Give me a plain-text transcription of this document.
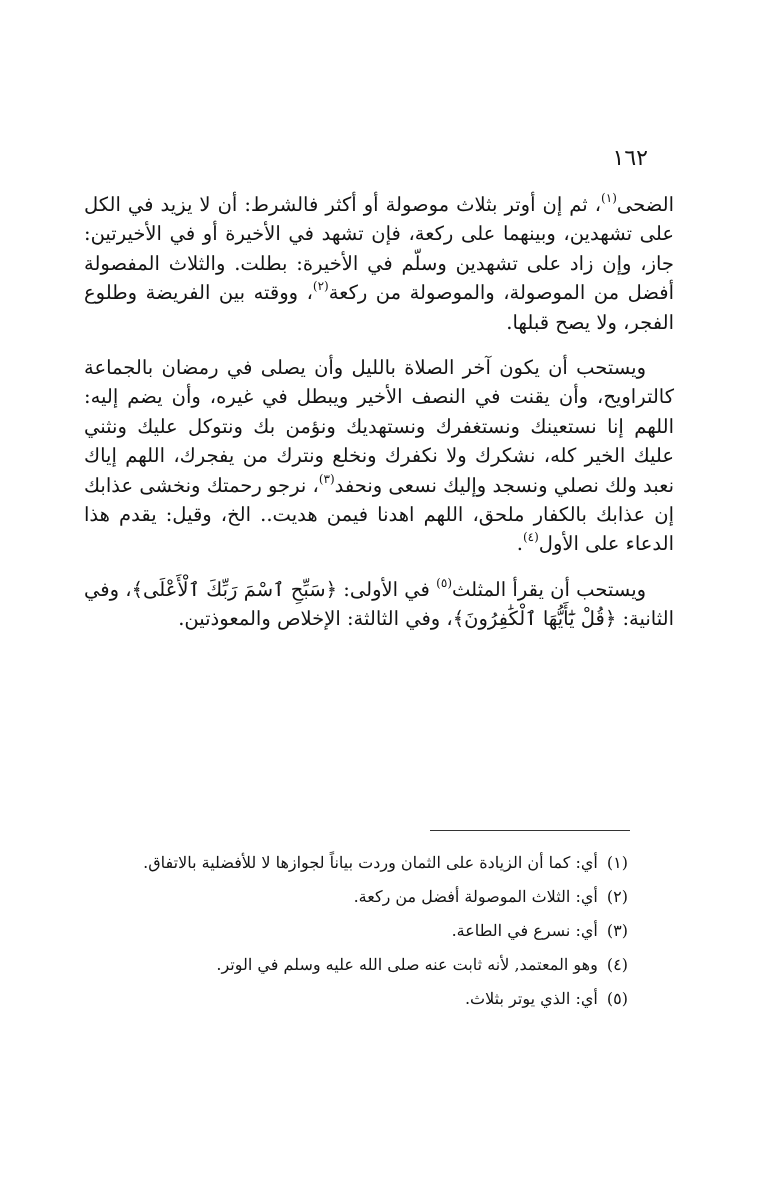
١٦٢

الضحى$^{(١)}$، ثم إن أوتر بثلاث موصولة أو أكثر فالشرط: أن لا يزيد في الكل على تشهدين، وبينهما على ركعة، فإن تشهد في الأخيرة أو في الأخيرتين: جاز، وإن زاد على تشهدين وسلّم في الأخيرة: بطلت. والثلاث المفصولة أفضل من الموصولة، والموصولة من ركعة$^{(٢)}$، ووقته بين الفريضة وطلوع الفجر، ولا يصح قبلها.

ويستحب أن يكون آخر الصلاة بالليل وأن يصلى في رمضان بالجماعة كالتراويح، وأن يقنت في النصف الأخير ويبطل في غيره، وأن يضم إليه: اللهم إنا نستعينك ونستغفرك ونستهديك ونؤمن بك ونتوكل عليك ونثني عليك الخير كله، نشكرك ولا نكفرك ونخلع ونترك من يفجرك، اللهم إياك نعبد ولك نصلي ونسجد وإليك نسعى ونحفد$^{(٣)}$، نرجو رحمتك ونخشى عذابك إن عذابك بالكفار ملحق، اللهم اهدنا فيمن هديت.. الخ، وقيل: يقدم هذا الدعاء على الأول$^{(٤)}$.

ويستحب أن يقرأ المثلث$^{(٥)}$ في الأولى: ﴿سَبِّحِ ٱسْمَ رَبِّكَ ٱلْأَعْلَى﴾، وفي الثانية: ﴿قُلْ يَٰٓأَيُّهَا ٱلْكَٰفِرُونَ﴾، وفي الثالثة: الإخلاص والمعوذتين.

(١) أي: كما أن الزيادة على الثمان وردت بياناً لجوازها لا للأفضلية بالاتفاق.
(٢) أي: الثلاث الموصولة أفضل من ركعة.
(٣) أي: نسرع في الطاعة.
(٤) وهو المعتمد, لأنه ثابت عنه صلى الله عليه وسلم في الوتر.
(٥) أي: الذي يوتر بثلاث.
